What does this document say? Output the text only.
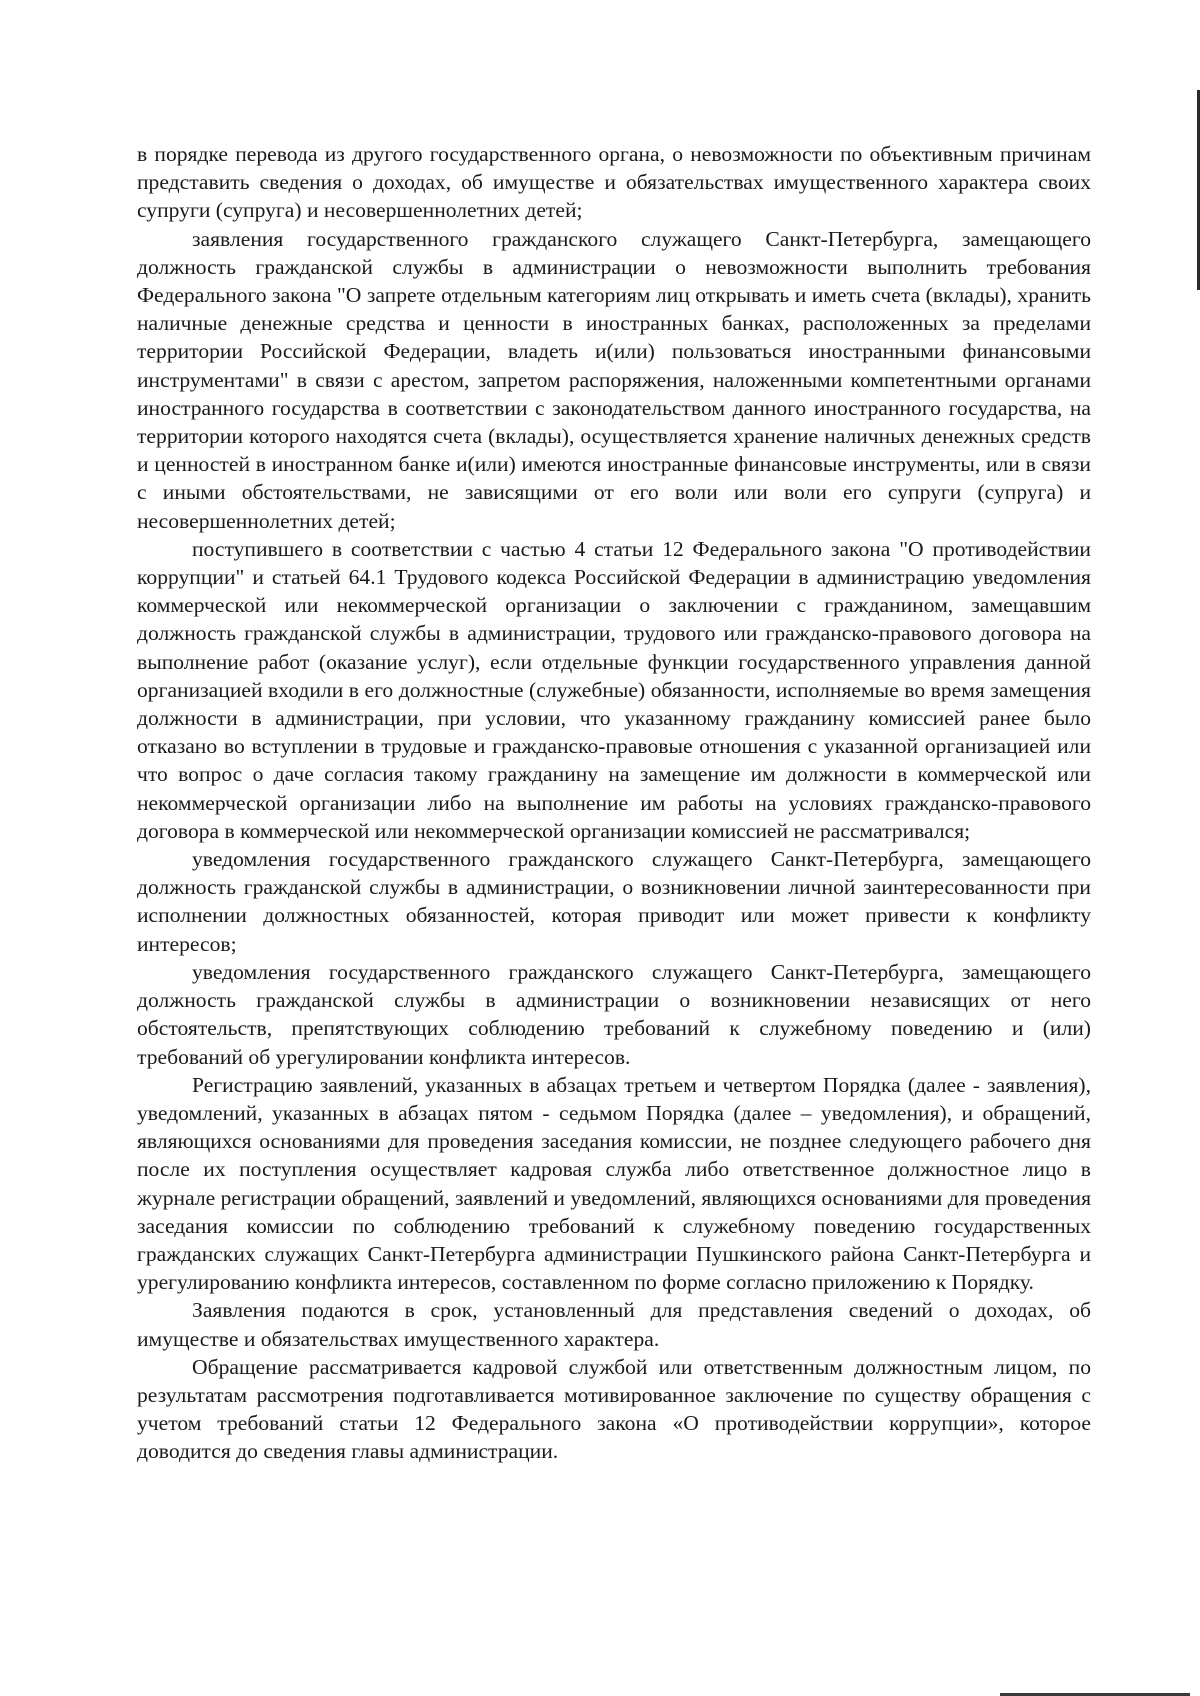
в порядке перевода из другого государственного органа, о невозможности по объективным причинам представить сведения о доходах, об имуществе и обязательствах имущественного характера своих супруги (супруга) и несовершеннолетних детей;

заявления государственного гражданского служащего Санкт-Петербурга, замещающего должность гражданской службы в администрации о невозможности выполнить требования Федерального закона "О запрете отдельным категориям лиц открывать и иметь счета (вклады), хранить наличные денежные средства и ценности в иностранных банках, расположенных за пределами территории Российской Федерации, владеть и(или) пользоваться иностранными финансовыми инструментами" в связи с арестом, запретом распоряжения, наложенными компетентными органами иностранного государства в соответствии с законодательством данного иностранного государства, на территории которого находятся счета (вклады), осуществляется хранение наличных денежных средств и ценностей в иностранном банке и(или) имеются иностранные финансовые инструменты, или в связи с иными обстоятельствами, не зависящими от его воли или воли его супруги (супруга) и несовершеннолетних детей;

поступившего в соответствии с частью 4 статьи 12 Федерального закона "О противодействии коррупции" и статьей 64.1 Трудового кодекса Российской Федерации в администрацию уведомления коммерческой или некоммерческой организации о заключении с гражданином, замещавшим должность гражданской службы в администрации, трудового или гражданско-правового договора на выполнение работ (оказание услуг), если отдельные функции государственного управления данной организацией входили в его должностные (служебные) обязанности, исполняемые во время замещения должности в администрации, при условии, что указанному гражданину комиссией ранее было отказано во вступлении в трудовые и гражданско-правовые отношения с указанной организацией или что вопрос о даче согласия такому гражданину на замещение им должности в коммерческой или некоммерческой организации либо на выполнение им работы на условиях гражданско-правового договора в коммерческой или некоммерческой организации комиссией не рассматривался;

уведомления государственного гражданского служащего Санкт-Петербурга, замещающего должность гражданской службы в администрации, о возникновении личной заинтересованности при исполнении должностных обязанностей, которая приводит или может привести к конфликту интересов;

уведомления государственного гражданского служащего Санкт-Петербурга, замещающего должность гражданской службы в администрации о возникновении независящих от него обстоятельств, препятствующих соблюдению требований к служебному поведению и (или) требований об урегулировании конфликта интересов.

Регистрацию заявлений, указанных в абзацах третьем и четвертом Порядка (далее - заявления), уведомлений, указанных в абзацах пятом - седьмом Порядка (далее – уведомления), и обращений, являющихся основаниями для проведения заседания комиссии, не позднее следующего рабочего дня после их поступления осуществляет кадровая служба либо ответственное должностное лицо в журнале регистрации обращений, заявлений и уведомлений, являющихся основаниями для проведения заседания комиссии по соблюдению требований к служебному поведению государственных гражданских служащих Санкт-Петербурга администрации Пушкинского района Санкт-Петербурга и урегулированию конфликта интересов, составленном по форме согласно приложению к Порядку.

Заявления подаются в срок, установленный для представления сведений о доходах, об имуществе и обязательствах имущественного характера.

Обращение рассматривается кадровой службой или ответственным должностным лицом, по результатам рассмотрения подготавливается мотивированное заключение по существу обращения с учетом требований статьи 12 Федерального закона «О противодействии коррупции», которое доводится до сведения главы администрации.
